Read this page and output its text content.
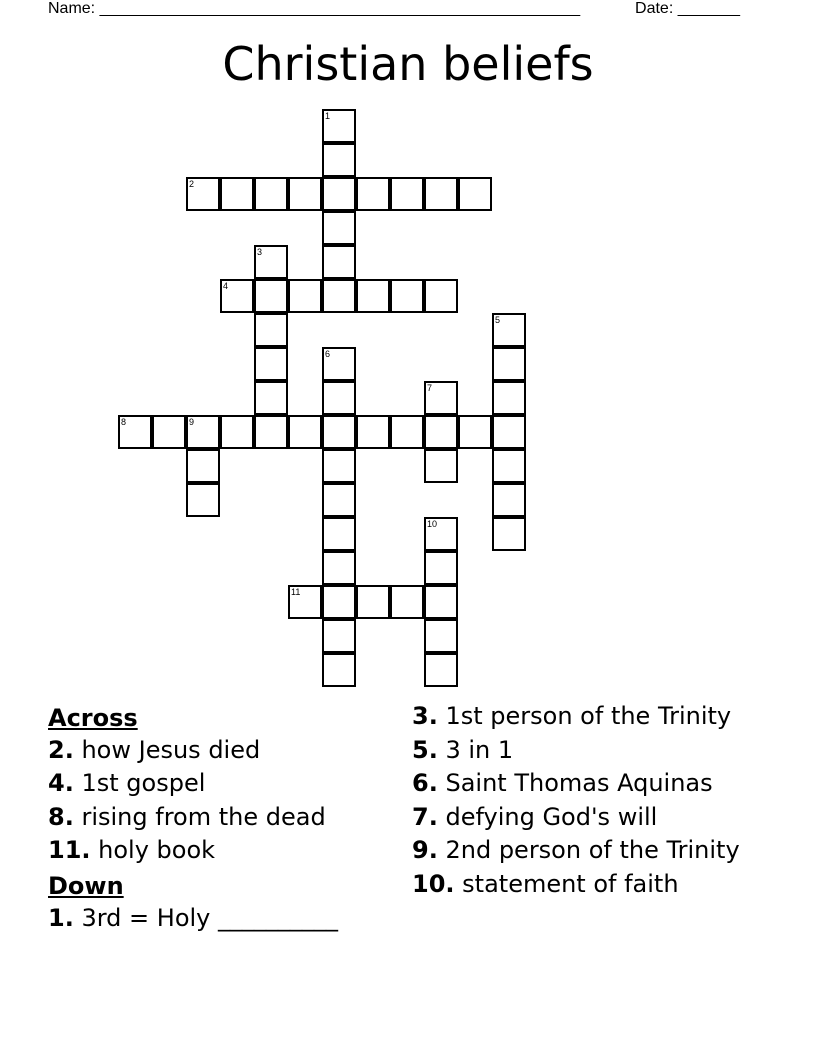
Name: ______________________________________________________	Date: _______
Christian beliefs
1
2
3
4
5
6
7
8	9
10
11
Across
2. how Jesus died
4. 1st gospel
8. rising from the dead
11. holy book
Down
1. 3rd = Holy __________
3. 1st person of the Trinity
5. 3 in 1
6. Saint Thomas Aquinas
7. defying God's will
9. 2nd person of the Trinity
10. statement of faith
